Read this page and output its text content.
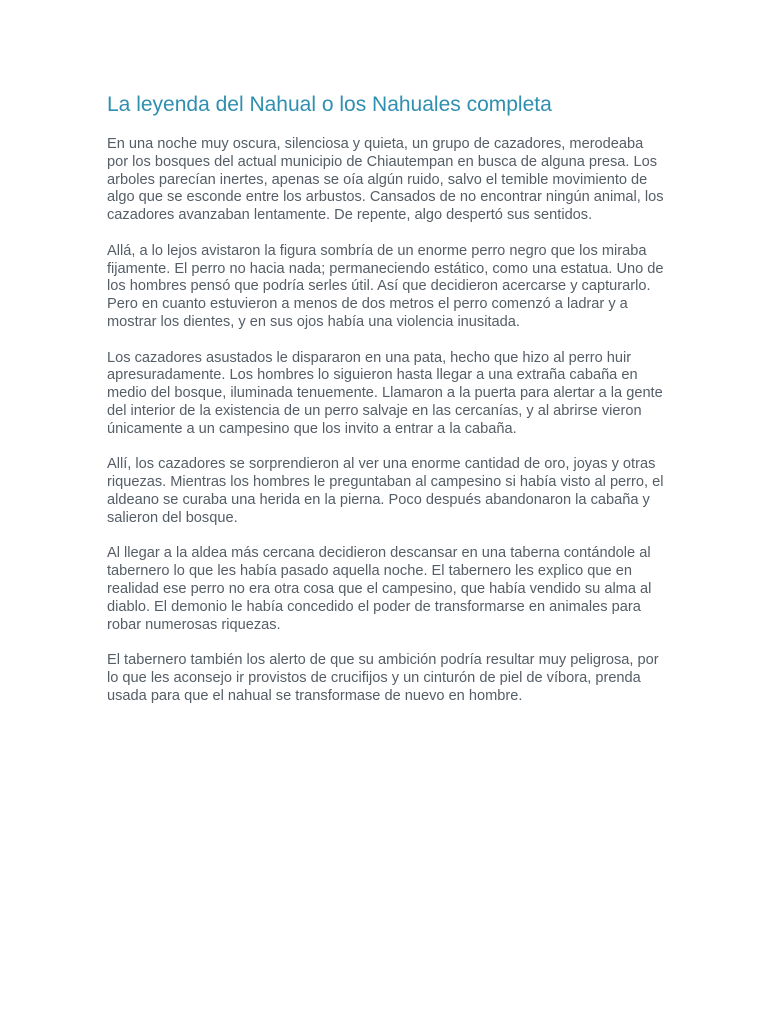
La leyenda del Nahual o los Nahuales completa

En una noche muy oscura, silenciosa y quieta, un grupo de cazadores, merodeaba por los bosques del actual municipio de Chiautempan en busca de alguna presa. Los arboles parecían inertes, apenas se oía algún ruido, salvo el temible movimiento de algo que se esconde entre los arbustos. Cansados de no encontrar ningún animal, los cazadores avanzaban lentamente. De repente, algo despertó sus sentidos.

Allá, a lo lejos avistaron la figura sombría de un enorme perro negro que los miraba fijamente. El perro no hacia nada; permaneciendo estático, como una estatua. Uno de los hombres pensó que podría serles útil. Así que decidieron acercarse y capturarlo. Pero en cuanto estuvieron a menos de dos metros el perro comenzó a ladrar y a mostrar los dientes, y en sus ojos había una violencia inusitada.

Los cazadores asustados le dispararon en una pata, hecho que hizo al perro huir apresuradamente. Los hombres lo siguieron hasta llegar a una extraña cabaña en medio del bosque, iluminada tenuemente. Llamaron a la puerta para alertar a la gente del interior de la existencia de un perro salvaje en las cercanías, y al abrirse vieron únicamente a un campesino que los invito a entrar a la cabaña.

Allí, los cazadores se sorprendieron al ver una enorme cantidad de oro, joyas y otras riquezas. Mientras los hombres le preguntaban al campesino si había visto al perro, el aldeano se curaba una herida en la pierna. Poco después abandonaron la cabaña y salieron del bosque.

Al llegar a la aldea más cercana decidieron descansar en una taberna contándole al tabernero lo que les había pasado aquella noche. El tabernero les explico que en realidad ese perro no era otra cosa que el campesino, que había vendido su alma al diablo. El demonio le había concedido el poder de transformarse en animales para robar numerosas riquezas.

El tabernero también los alerto de que su ambición podría resultar muy peligrosa, por lo que les aconsejo ir provistos de crucifijos y un cinturón de piel de víbora, prenda usada para que el nahual se transformase de nuevo en hombre.
